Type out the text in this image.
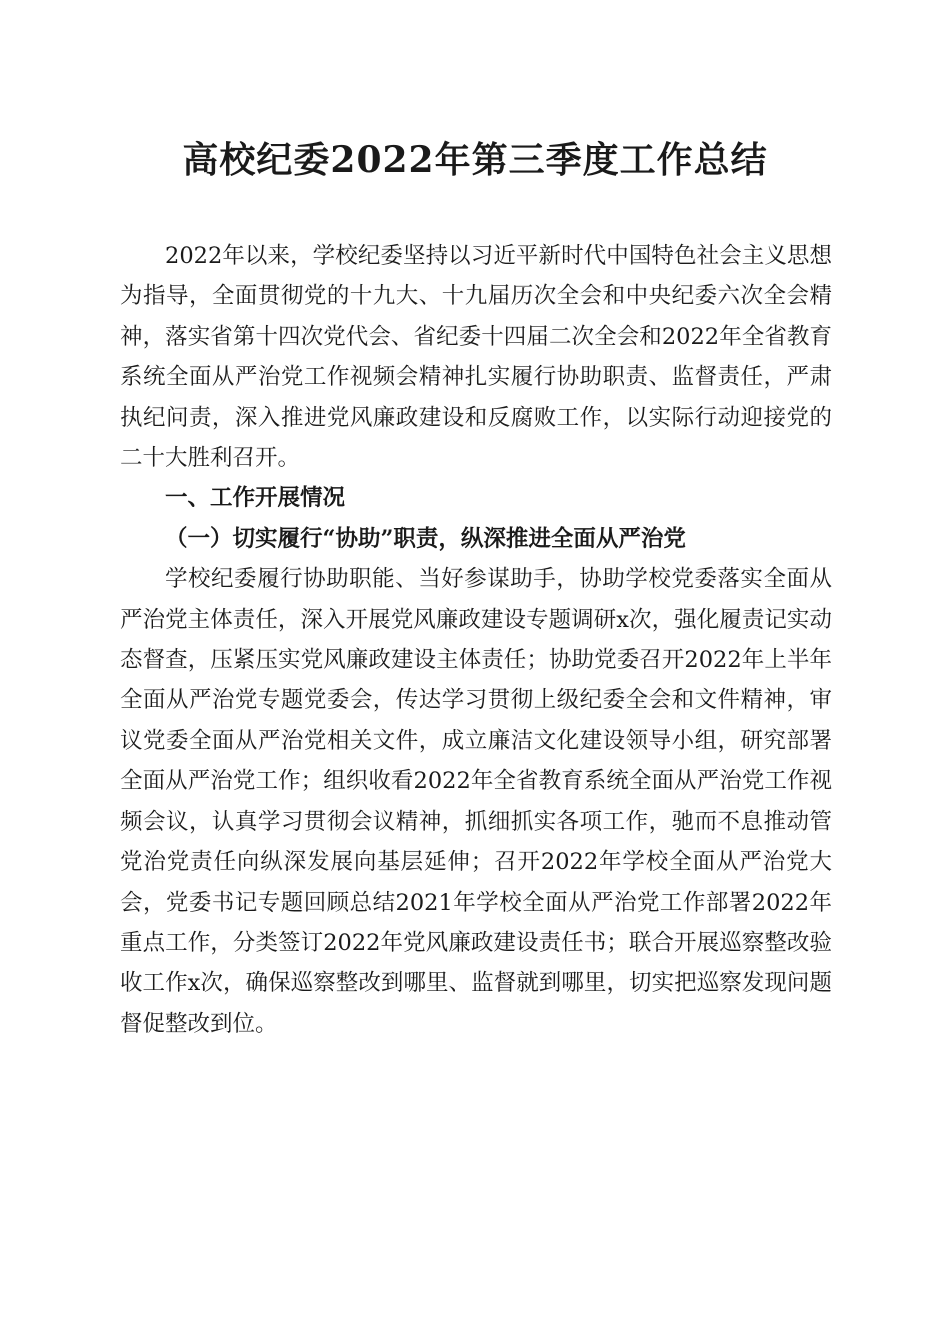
高校纪委2022年第三季度工作总结

2022年以来，学校纪委坚持以习近平新时代中国特色社会主义思想为指导，全面贯彻党的十九大、十九届历次全会和中央纪委六次全会精神，落实省第十四次党代会、省纪委十四届二次全会和2022年全省教育系统全面从严治党工作视频会精神扎实履行协助职责、监督责任，严肃执纪问责，深入推进党风廉政建设和反腐败工作，以实际行动迎接党的二十大胜利召开。

一、工作开展情况

（一）切实履行“协助”职责，纵深推进全面从严治党

学校纪委履行协助职能、当好参谋助手，协助学校党委落实全面从严治党主体责任，深入开展党风廉政建设专题调研x次，强化履责记实动态督查，压紧压实党风廉政建设主体责任；协助党委召开2022年上半年全面从严治党专题党委会，传达学习贯彻上级纪委全会和文件精神，审议党委全面从严治党相关文件，成立廉洁文化建设领导小组，研究部署全面从严治党工作；组织收看2022年全省教育系统全面从严治党工作视频会议，认真学习贯彻会议精神，抓细抓实各项工作，驰而不息推动管党治党责任向纵深发展向基层延伸；召开2022年学校全面从严治党大会，党委书记专题回顾总结2021年学校全面从严治党工作部署2022年重点工作，分类签订2022年党风廉政建设责任书；联合开展巡察整改验收工作x次，确保巡察整改到哪里、监督就到哪里，切实把巡察发现问题督促整改到位。
